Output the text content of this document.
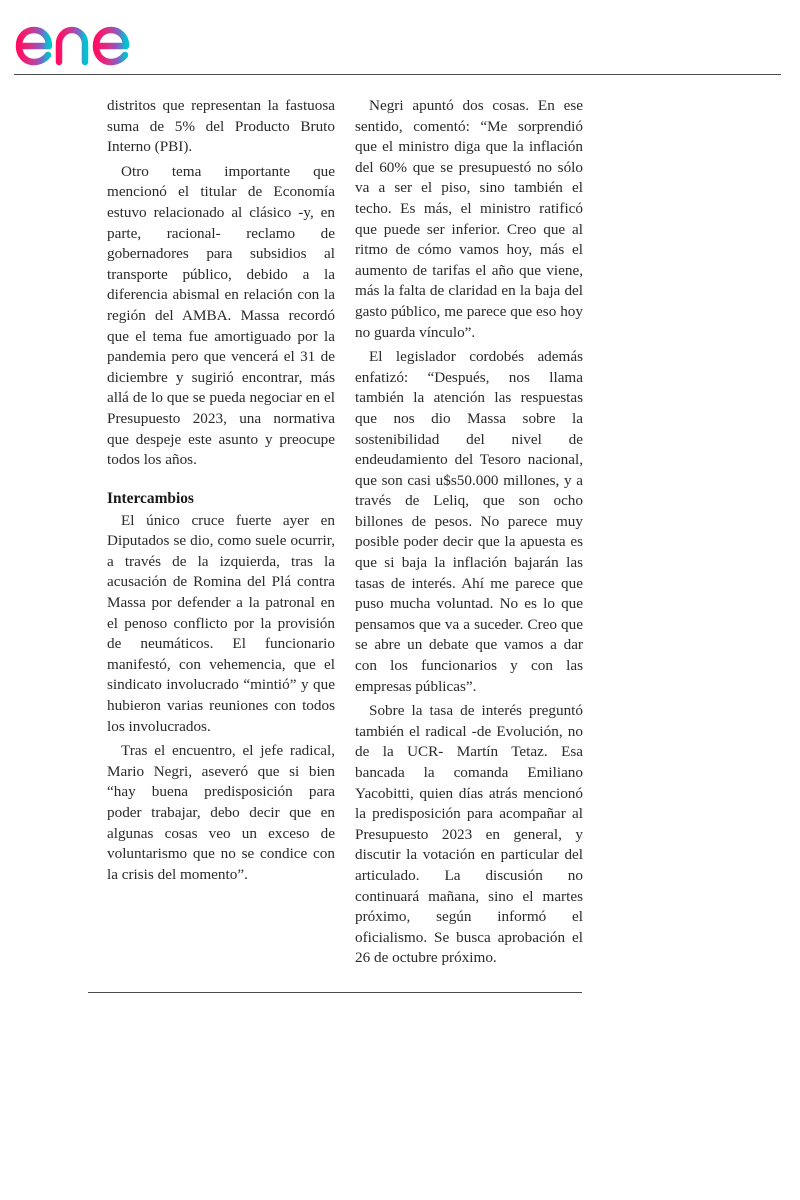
distritos que representan la fastuosa suma de 5% del Producto Bruto Interno (PBI).

Otro tema importante que mencionó el titular de Economía estuvo relacionado al clásico -y, en parte, racional- reclamo de gobernadores para subsidios al transporte público, debido a la diferencia abismal en relación con la región del AMBA. Massa recordó que el tema fue amortiguado por la pandemia pero que vencerá el 31 de diciembre y sugirió encontrar, más allá de lo que se pueda negociar en el Presupuesto 2023, una normativa que despeje este asunto y preocupe todos los años.

Intercambios

El único cruce fuerte ayer en Diputados se dio, como suele ocurrir, a través de la izquierda, tras la acusación de Romina del Plá contra Massa por defender a la patronal en el penoso conflicto por la provisión de neumáticos. El funcionario manifestó, con vehemencia, que el sindicato involucrado “mintió” y que hubieron varias reuniones con todos los involucrados.

Tras el encuentro, el jefe radical, Mario Negri, aseveró que si bien “hay buena predisposición para poder trabajar, debo decir que en algunas cosas veo un exceso de voluntarismo que no se condice con la crisis del momento”.

Negri apuntó dos cosas. En ese sentido, comentó: “Me sorprendió que el ministro diga que la inflación del 60% que se presupuestó no sólo va a ser el piso, sino también el techo. Es más, el ministro ratificó que puede ser inferior. Creo que al ritmo de cómo vamos hoy, más el aumento de tarifas el año que viene, más la falta de claridad en la baja del gasto público, me parece que eso hoy no guarda vínculo”.

El legislador cordobés además enfatizó: “Después, nos llama también la atención las respuestas que nos dio Massa sobre la sostenibilidad del nivel de endeudamiento del Tesoro nacional, que son casi u$s50.000 millones, y a través de Leliq, que son ocho billones de pesos. No parece muy posible poder decir que la apuesta es que si baja la inflación bajarán las tasas de interés. Ahí me parece que puso mucha voluntad. No es lo que pensamos que va a suceder. Creo que se abre un debate que vamos a dar con los funcionarios y con las empresas públicas”.

Sobre la tasa de interés preguntó también el radical -de Evolución, no de la UCR- Martín Tetaz. Esa bancada la comanda Emiliano Yacobitti, quien días atrás mencionó la predisposición para acompañar al Presupuesto 2023 en general, y discutir la votación en particular del articulado. La discusión no continuará mañana, sino el martes próximo, según informó el oficialismo. Se busca aprobación el 26 de octubre próximo.
